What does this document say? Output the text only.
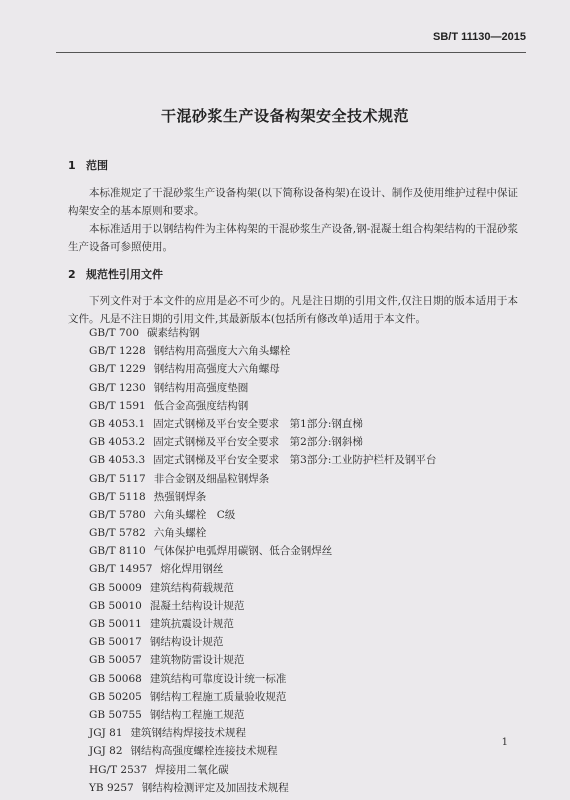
SB/T 11130—2015
干混砂浆生产设备构架安全技术规范
1 范围
本标准规定了干混砂浆生产设备构架(以下简称设备构架)在设计、制作及使用维护过程中保证构架安全的基本原则和要求。
本标准适用于以钢结构件为主体构架的干混砂浆生产设备,钢-混凝土组合构架结构的干混砂浆生产设备可参照使用。
2 规范性引用文件
下列文件对于本文件的应用是必不可少的。凡是注日期的引用文件,仅注日期的版本适用于本文件。凡是不注日期的引用文件,其最新版本(包括所有修改单)适用于本文件。
GB/T 700 碳素结构钢
GB/T 1228 钢结构用高强度大六角头螺栓
GB/T 1229 钢结构用高强度大六角螺母
GB/T 1230 钢结构用高强度垫圈
GB/T 1591 低合金高强度结构钢
GB 4053.1 固定式钢梯及平台安全要求　第1部分:钢直梯
GB 4053.2 固定式钢梯及平台安全要求　第2部分:钢斜梯
GB 4053.3 固定式钢梯及平台安全要求　第3部分:工业防护栏杆及钢平台
GB/T 5117 非合金钢及细晶粒钢焊条
GB/T 5118 热强钢焊条
GB/T 5780 六角头螺栓　C级
GB/T 5782 六角头螺栓
GB/T 8110 气体保护电弧焊用碳钢、低合金钢焊丝
GB/T 14957 熔化焊用钢丝
GB 50009 建筑结构荷载规范
GB 50010 混凝土结构设计规范
GB 50011 建筑抗震设计规范
GB 50017 钢结构设计规范
GB 50057 建筑物防雷设计规范
GB 50068 建筑结构可靠度设计统一标准
GB 50205 钢结构工程施工质量验收规范
GB 50755 钢结构工程施工规范
JGJ 81 建筑钢结构焊接技术规程
JGJ 82 钢结构高强度螺栓连接技术规程
HG/T 2537 焊接用二氧化碳
YB 9257 钢结构检测评定及加固技术规程
1
